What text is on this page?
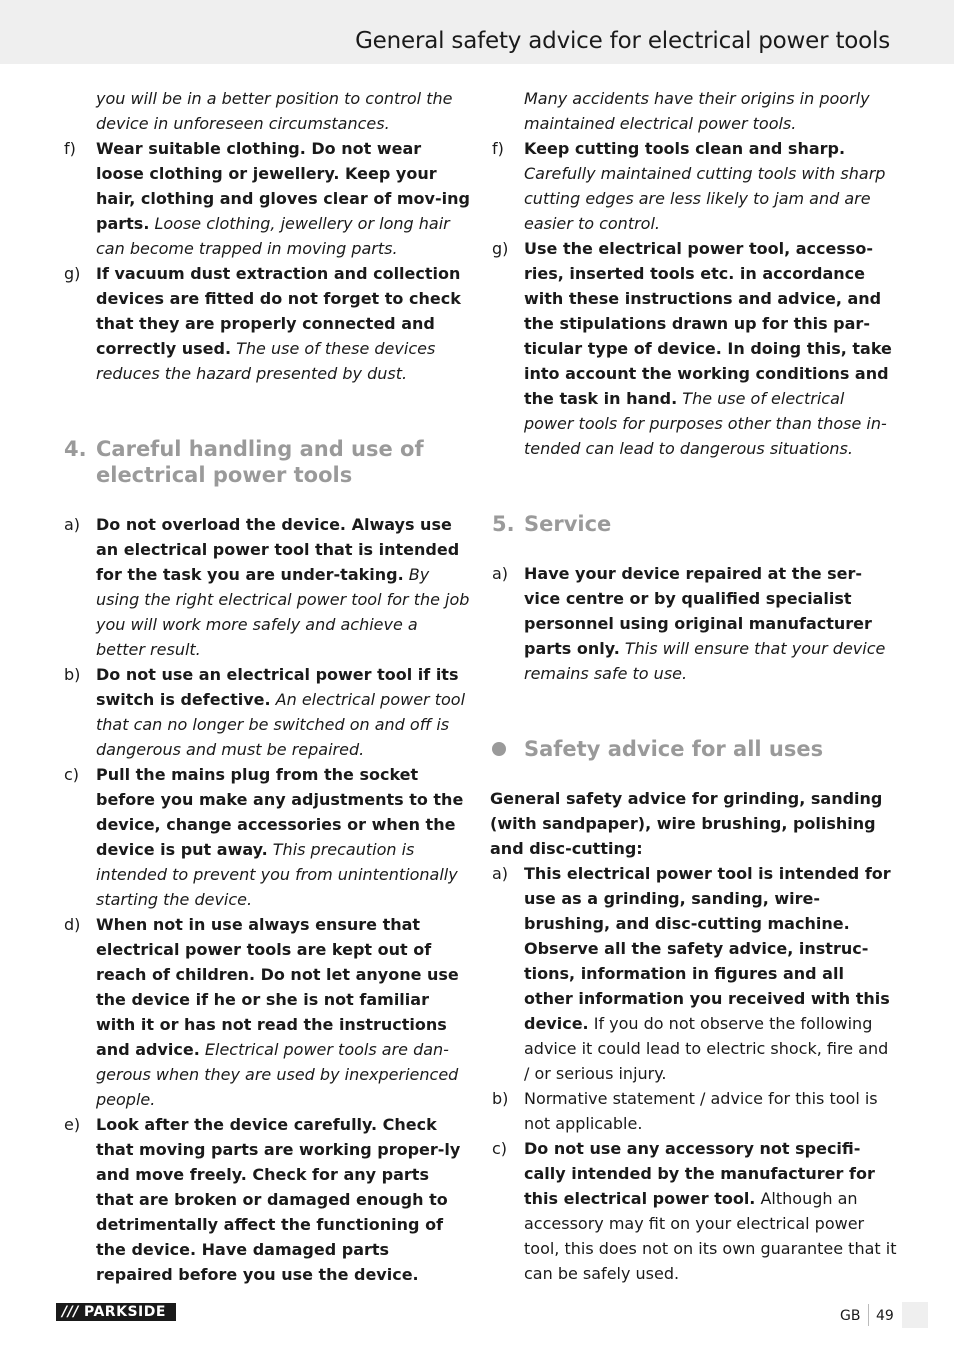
General safety advice for electrical power tools
you will be in a better position to control the device in unforeseen circumstances.
f) Wear suitable clothing. Do not wear loose clothing or jewellery. Keep your hair, clothing and gloves clear of mov-ing parts. Loose clothing, jewellery or long hair can become trapped in moving parts.
g) If vacuum dust extraction and collection devices are fitted do not forget to check that they are properly connected and correctly used. The use of these devices reduces the hazard presented by dust.
4. Careful handling and use of electrical power tools
a) Do not overload the device. Always use an electrical power tool that is intended for the task you are under-taking. By using the right electrical power tool for the job you will work more safely and achieve a better result.
b) Do not use an electrical power tool if its switch is defective. An electrical power tool that can no longer be switched on and off is dangerous and must be repaired.
c) Pull the mains plug from the socket before you make any adjustments to the device, change accessories or when the device is put away. This precaution is intended to prevent you from unintentionally starting the device.
d) When not in use always ensure that electrical power tools are kept out of reach of children. Do not let anyone use the device if he or she is not familiar with it or has not read the instructions and advice. Electrical power tools are dan-gerous when they are used by inexperienced people.
e) Look after the device carefully. Check that moving parts are working proper-ly and move freely. Check for any parts that are broken or damaged enough to detrimentally affect the functioning of the device. Have damaged parts repaired before you use the device.
Many accidents have their origins in poorly maintained electrical power tools.
f) Keep cutting tools clean and sharp. Carefully maintained cutting tools with sharp cutting edges are less likely to jam and are easier to control.
g) Use the electrical power tool, accesso-ries, inserted tools etc. in accordance with these instructions and advice, and the stipulations drawn up for this par-ticular type of device. In doing this, take into account the working conditions and the task in hand. The use of electrical power tools for purposes other than those in-tended can lead to dangerous situations.
5. Service
a) Have your device repaired at the ser-vice centre or by qualified specialist personnel using original manufacturer parts only. This will ensure that your device remains safe to use.
Safety advice for all uses
General safety advice for grinding, sanding (with sandpaper), wire brushing, polishing and disc-cutting:
a) This electrical power tool is intended for use as a grinding, sanding, wire-brushing, and disc-cutting machine. Observe all the safety advice, instruc-tions, information in figures and all other information you received with this device. If you do not observe the following advice it could lead to electric shock, fire and / or serious injury.
b) Normative statement / advice for this tool is not applicable.
c) Do not use any accessory not specifi-cally intended by the manufacturer for this electrical power tool. Although an accessory may fit on your electrical power tool, this does not on its own guarantee that it can be safely used.
/// PARKSIDE	GB 49
